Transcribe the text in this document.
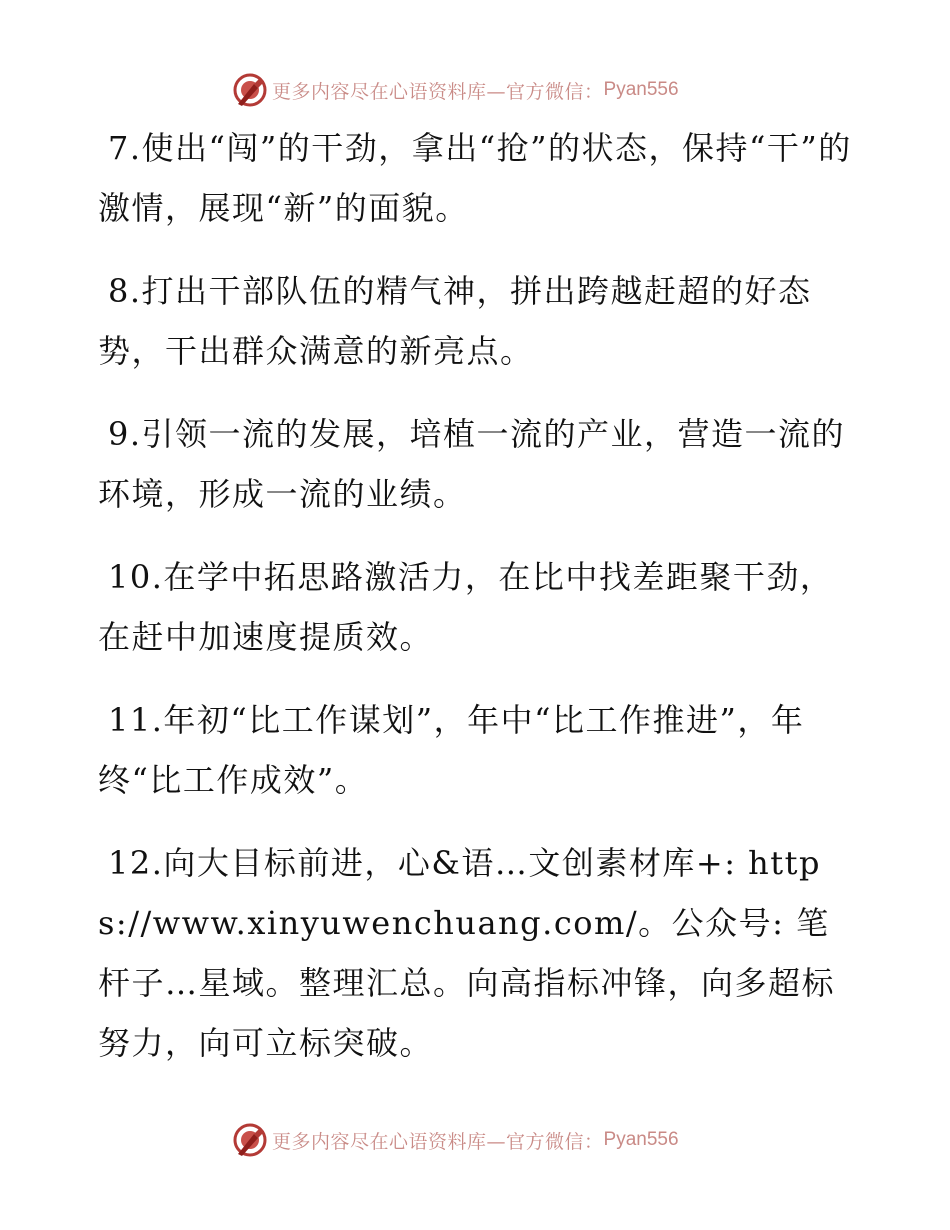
更多内容尽在心语资料库—官方微信： Pyan556

7.使出“闯”的干劲，拿出“抢”的状态，保持“干”的激情，展现“新”的面貌。

8.打出干部队伍的精气神，拼出跨越赶超的好态势，干出群众满意的新亮点。

9.引领一流的发展，培植一流的产业，营造一流的环境，形成一流的业绩。

10.在学中拓思路激活力，在比中找差距聚干劲，在赶中加速度提质效。

11.年初“比工作谋划”，年中“比工作推进”，年终“比工作成效”。

12.向大目标前进，心&语…文创素材库+: https://www.xinyuwenchuang.com/。公众号: 笔杆子…星域。整理汇总。向高指标冲锋，向多超标努力，向可立标突破。

更多内容尽在心语资料库—官方微信： Pyan556
